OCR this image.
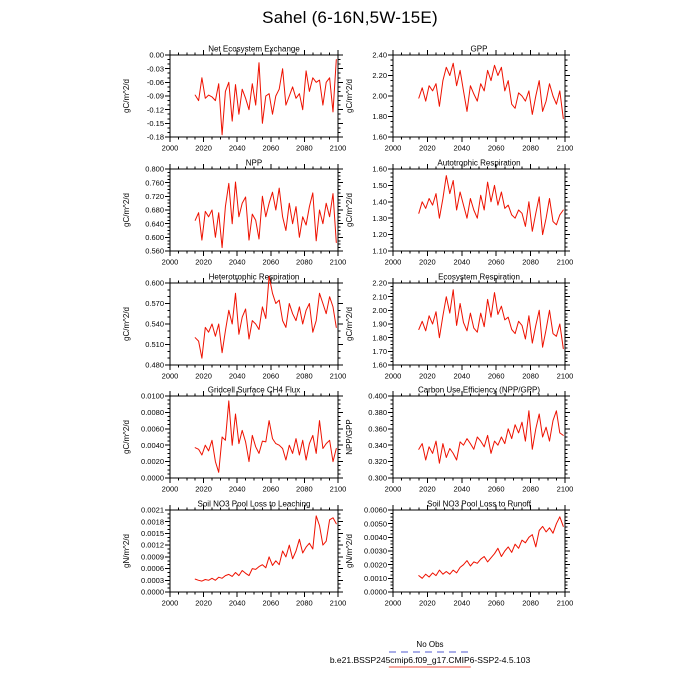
Sahel (6-16N,5W-15E)
2000 2020 2040 2060 2080 2100
-0.18
-0.15
-0.12
-0.09
-0.06
-0.03
0.00
Net Ecosystem Exchange
gC/m^2/d
2000 2020 2040 2060 2080 2100
1.60
1.80
2.00
2.20
2.40
GPP
gC/m^2/d
2000 2020 2040 2060 2080 2100
0.560
0.600
0.640
0.680
0.720
0.760
0.800
NPP
gC/m^2/d
2000 2020 2040 2060 2080 2100
1.10
1.20
1.30
1.40
1.50
1.60
Autotrophic Respiration
gC/m^2/d
2000 2020 2040 2060 2080 2100
0.480
0.510
0.540
0.570
0.600
Heterotrophic Respiration
gC/m^2/d
2000 2020 2040 2060 2080 2100
1.60
1.70
1.80
1.90
2.00
2.10
2.20
Ecosystem Respiration
gC/m^2/d
2000 2020 2040 2060 2080 2100
0.0000
0.0020
0.0040
0.0060
0.0080
0.0100
Gridcell Surface CH4 Flux
gC/m^2/d
2000 2020 2040 2060 2080 2100
0.300
0.320
0.340
0.360
0.380
0.400
Carbon Use Efficiency (NPP/GPP)
NPP/GPP
2000 2020 2040 2060 2080 2100
0.0000
0.0003
0.0006
0.0009
0.0012
0.0015
0.0018
0.0021
Soil NO3 Pool Loss to Leaching
gN/m^2/d
2000 2020 2040 2060 2080 2100
0.0000
0.0010
0.0020
0.0030
0.0040
0.0050
0.0060
Soil NO3 Pool Loss to Runoff
gN/m^2/d
No Obs
b.e21.BSSP245cmip6.f09_g17.CMIP6-SSP2-4.5.103
